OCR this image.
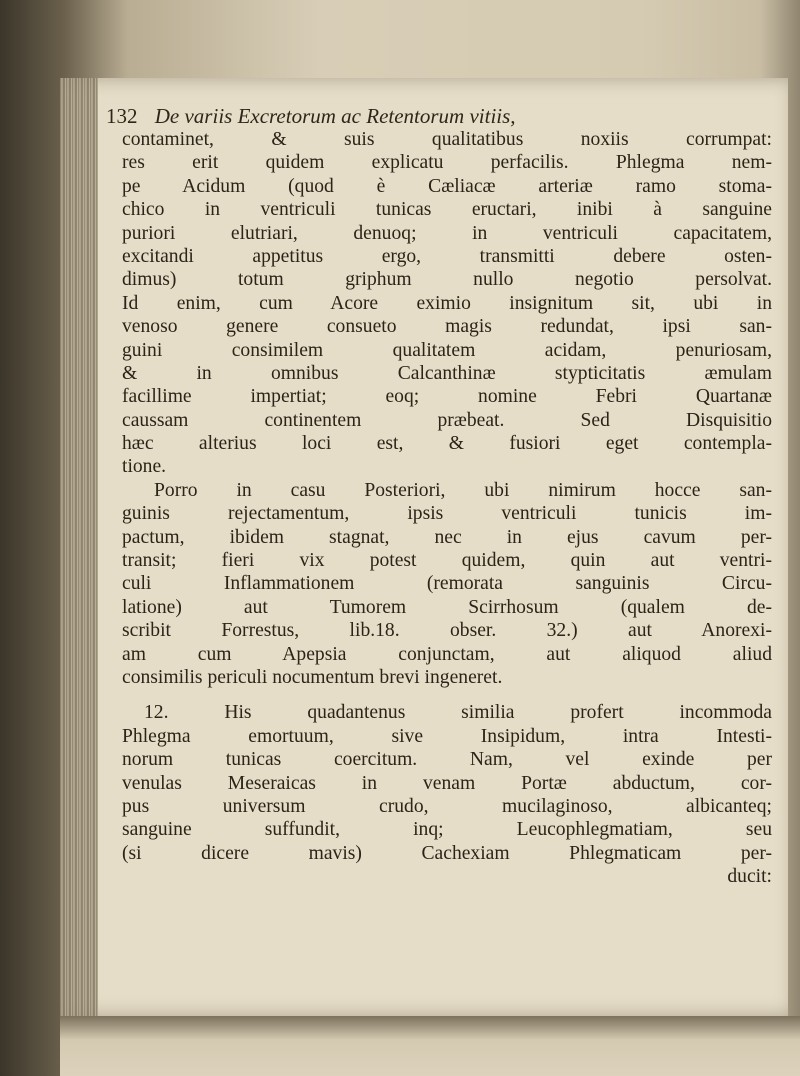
132 De variis Excretorum ac Retentorum vitiis,
contaminet, & suis qualitatibus noxiis corrumpat:
res erit quidem explicatu perfacilis. Phlegma nem-
pe Acidum (quod è Cæliacæ arteriæ ramo stoma-
chico in ventriculi tunicas eructari, inibi à sanguine
puriori elutriari, denuoq; in ventriculi capacitatem,
excitandi appetitus ergo, transmitti debere osten-
dimus) totum griphum nullo negotio persolvat.
Id enim, cum Acore eximio insignitum sit, ubi in
venoso genere consueto magis redundat, ipsi san-
guini consimilem qualitatem acidam, penuriosam,
& in omnibus Calcanthinæ stypticitatis æmulam
facillime impertiat; eoq; nomine Febri Quartanæ
caussam continentem præbeat. Sed Disquisitio
hæc alterius loci est, & fusiori eget contempla-
tione.
Porro in casu Posteriori, ubi nimirum hocce san-
guinis rejectamentum, ipsis ventriculi tunicis im-
pactum, ibidem stagnat, nec in ejus cavum per-
transit; fieri vix potest quidem, quin aut ventri-
culi Inflammationem (remorata sanguinis Circu-
latione) aut Tumorem Scirrhosum (qualem de-
scribit Forrestus, lib.18. obser. 32.) aut Anorexi-
am cum Apepsia conjunctam, aut aliquod aliud
consimilis periculi nocumentum brevi ingeneret.
12. His quadantenus similia profert incommoda
Phlegma emortuum, sive Insipidum, intra Intesti-
norum tunicas coercitum. Nam, vel exinde per
venulas Meseraicas in venam Portæ abductum, cor-
pus universum crudo, mucilaginoso, albicanteq;
sanguine suffundit, inq; Leucophlegmatiam, seu
(si dicere mavis) Cachexiam Phlegmaticam per-
ducit:
